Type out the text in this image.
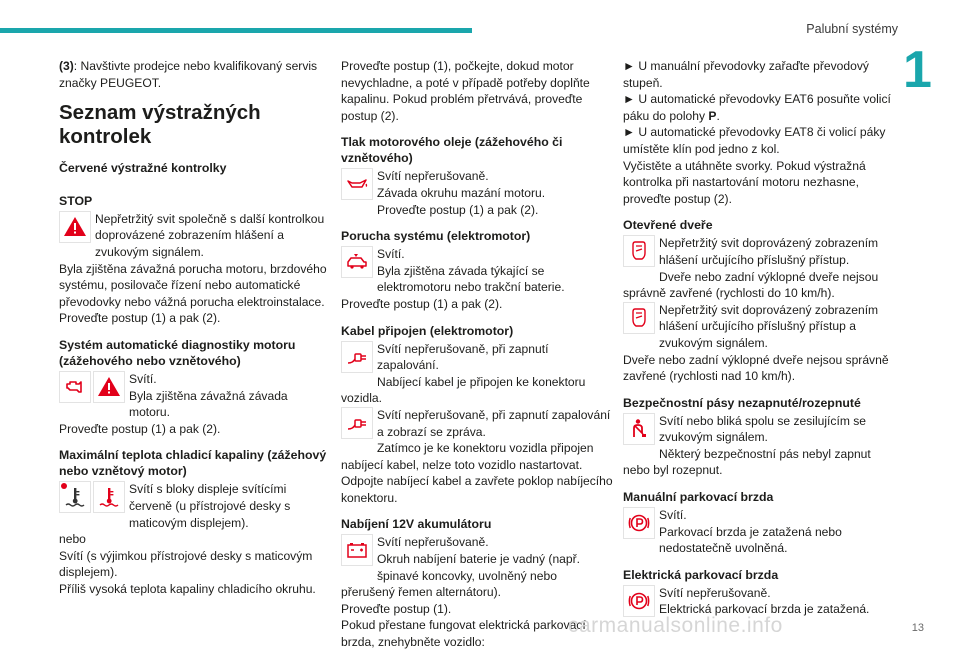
Palubní systémy
1

(3): Navštivte prodejce nebo kvalifikovaný servis značky PEUGEOT.

Seznam výstražných kontrolek
Červené výstražné kontrolky
STOP

Nepřetržitý svit společně s další kontrolkou doprovázené zobrazením hlášení a zvukovým signálem.

Byla zjištěna závažná porucha motoru, brzdového systému, posilovače řízení nebo automatické převodovky nebo vážná porucha elektroinstalace.

Proveďte postup (1) a pak (2).

Systém automatické diagnostiky motoru (zážehového nebo vznětového)

Svítí.

Byla zjištěna závažná závada motoru.

Proveďte postup (1) a pak (2).

Maximální teplota chladicí kapaliny (zážehový nebo vznětový motor)

Svítí s bloky displeje svítícími červeně (u přístrojové desky s maticovým displejem).

nebo

Svítí (s výjimkou přístrojové desky s maticovým displejem).

Příliš vysoká teplota kapaliny chladicího okruhu.

Proveďte postup (1), počkejte, dokud motor nevychladne, a poté v případě potřeby doplňte kapalinu. Pokud problém přetrvává, proveďte postup (2).

Tlak motorového oleje (zážehového či vznětového)

Svítí nepřerušovaně.

Závada okruhu mazání motoru.

Proveďte postup (1) a pak (2).

Porucha systému (elektromotor)

Svítí.

Byla zjištěna závada týkající se elektromotoru nebo trakční baterie.

Proveďte postup (1) a pak (2).

Kabel připojen (elektromotor)

Svítí nepřerušovaně, při zapnutí zapalování.

Nabíjecí kabel je připojen ke konektoru vozidla.

Svítí nepřerušovaně, při zapnutí zapalování a zobrazí se zpráva.

Zatímco je ke konektoru vozidla připojen nabíjecí kabel, nelze toto vozidlo nastartovat.

Odpojte nabíjecí kabel a zavřete poklop nabíjecího konektoru.

Nabíjení 12V akumulátoru

Svítí nepřerušovaně.

Okruh nabíjení baterie je vadný (např. špinavé koncovky, uvolněný nebo přerušený řemen alternátoru).

Proveďte postup (1).

Pokud přestane fungovat elektrická parkovací brzda, znehybněte vozidlo:

► U manuální převodovky zařaďte převodový stupeň.

► U automatické převodovky EAT6 posuňte volicí páku do polohy P.

► U automatické převodovky EAT8 či volicí páky umístěte klín pod jedno z kol.

Vyčistěte a utáhněte svorky. Pokud výstražná kontrolka při nastartování motoru nezhasne, proveďte postup (2).

Otevřené dveře

Nepřetržitý svit doprovázený zobrazením hlášení určujícího příslušný přístup.

Dveře nebo zadní výklopné dveře nejsou správně zavřené (rychlosti do 10 km/h).

Nepřetržitý svit doprovázený zobrazením hlášení určujícího příslušný přístup a zvukovým signálem.

Dveře nebo zadní výklopné dveře nejsou správně zavřené (rychlosti nad 10 km/h).

Bezpečnostní pásy nezapnuté/rozepnuté

Svítí nebo bliká spolu se zesilujícím se zvukovým signálem.

Některý bezpečnostní pás nebyl zapnut nebo byl rozepnut.

Manuální parkovací brzda

Svítí.

Parkovací brzda je zatažená nebo nedostatečně uvolněná.

Elektrická parkovací brzda

Svítí nepřerušovaně.

Elektrická parkovací brzda je zatažená.

carmanualsonline.info	13
